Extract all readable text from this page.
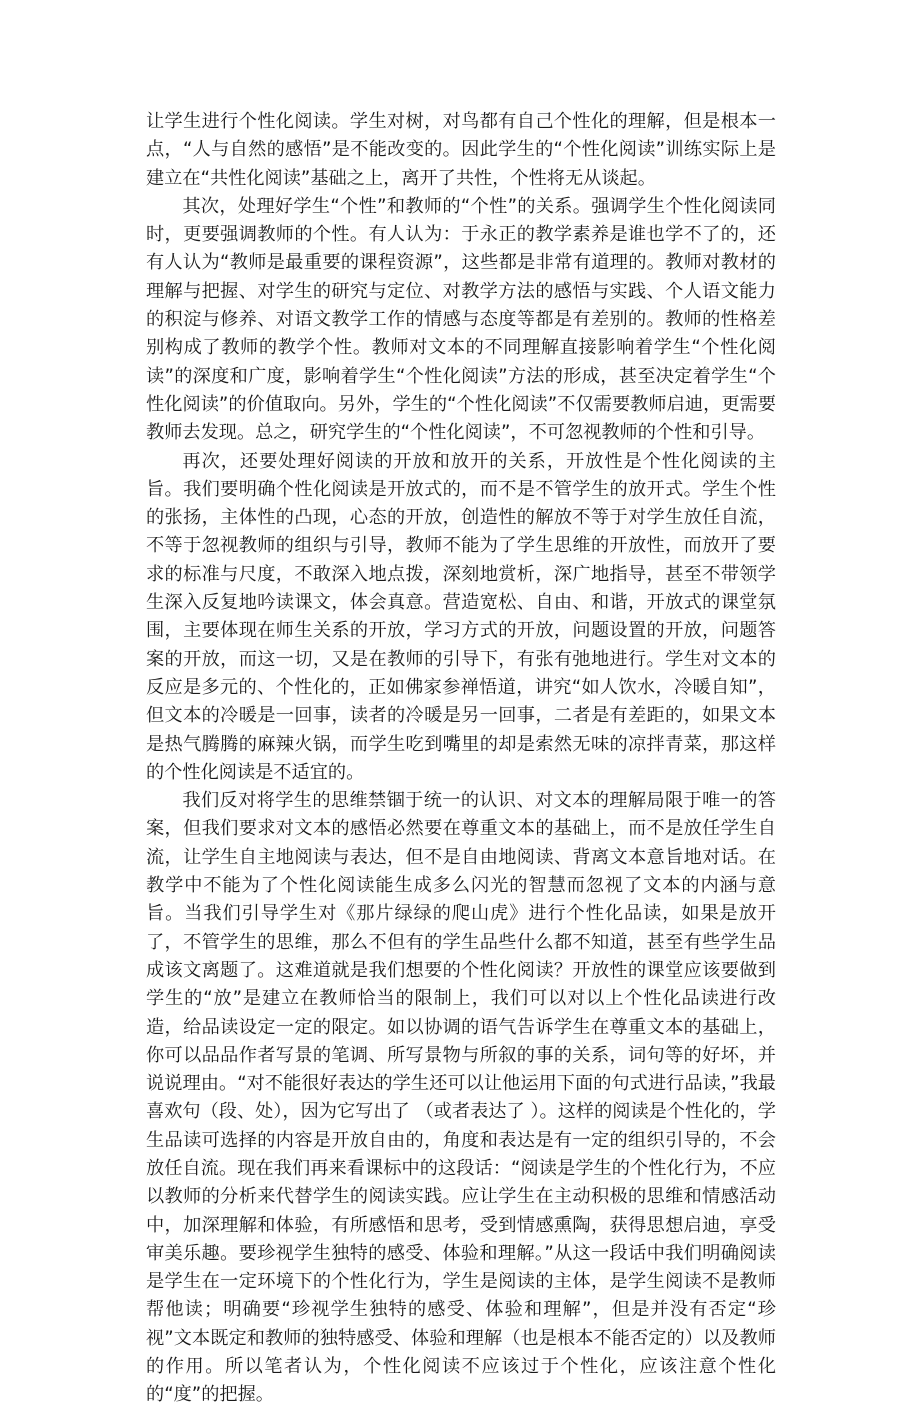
让学生进行个性化阅读。学生对树，对鸟都有自己个性化的理解，但是根本一点，“人与自然的感悟”是不能改变的。因此学生的“个性化阅读”训练实际上是建立在“共性化阅读”基础之上，离开了共性，个性将无从谈起。

其次，处理好学生“个性”和教师的“个性”的关系。强调学生个性化阅读同时，更要强调教师的个性。有人认为：于永正的教学素养是谁也学不了的，还有人认为“教师是最重要的课程资源”，这些都是非常有道理的。教师对教材的理解与把握、对学生的研究与定位、对教学方法的感悟与实践、个人语文能力的积淀与修养、对语文教学工作的情感与态度等都是有差别的。教师的性格差别构成了教师的教学个性。教师对文本的不同理解直接影响着学生“个性化阅读”的深度和广度，影响着学生“个性化阅读”方法的形成，甚至决定着学生“个性化阅读”的价值取向。另外，学生的“个性化阅读”不仅需要教师启迪，更需要教师去发现。总之，研究学生的“个性化阅读”，不可忽视教师的个性和引导。

再次，还要处理好阅读的开放和放开的关系，开放性是个性化阅读的主旨。我们要明确个性化阅读是开放式的，而不是不管学生的放开式。学生个性的张扬，主体性的凸现，心态的开放，创造性的解放不等于对学生放任自流，不等于忽视教师的组织与引导，教师不能为了学生思维的开放性，而放开了要求的标准与尺度，不敢深入地点拨，深刻地赏析，深广地指导，甚至不带领学生深入反复地吟读课文，体会真意。营造宽松、自由、和谐，开放式的课堂氛围，主要体现在师生关系的开放，学习方式的开放，问题设置的开放，问题答案的开放，而这一切，又是在教师的引导下，有张有弛地进行。学生对文本的反应是多元的、个性化的，正如佛家参禅悟道，讲究“如人饮水，冷暖自知”，但文本的冷暖是一回事，读者的冷暖是另一回事，二者是有差距的，如果文本是热气腾腾的麻辣火锅，而学生吃到嘴里的却是索然无味的凉拌青菜，那这样的个性化阅读是不适宜的。

我们反对将学生的思维禁锢于统一的认识、对文本的理解局限于唯一的答案，但我们要求对文本的感悟必然要在尊重文本的基础上，而不是放任学生自流，让学生自主地阅读与表达，但不是自由地阅读、背离文本意旨地对话。在教学中不能为了个性化阅读能生成多么闪光的智慧而忽视了文本的内涵与意旨。当我们引导学生对《那片绿绿的爬山虎》进行个性化品读，如果是放开了，不管学生的思维，那么不但有的学生品些什么都不知道，甚至有些学生品成该文离题了。这难道就是我们想要的个性化阅读？开放性的课堂应该要做到学生的“放”是建立在教师恰当的限制上，我们可以对以上个性化品读进行改造，给品读设定一定的限定。如以协调的语气告诉学生在尊重文本的基础上，你可以品品作者写景的笔调、所写景物与所叙的事的关系，词句等的好坏，并说说理由。“对不能很好表达的学生还可以让他运用下面的句式进行品读，”我最喜欢句（段、处），因为它写出了 （或者表达了 ）。这样的阅读是个性化的，学生品读可选择的内容是开放自由的，角度和表达是有一定的组织引导的，不会放任自流。现在我们再来看课标中的这段话：“阅读是学生的个性化行为，不应以教师的分析来代替学生的阅读实践。应让学生在主动积极的思维和情感活动中，加深理解和体验，有所感悟和思考，受到情感熏陶，获得思想启迪，享受审美乐趣。要珍视学生独特的感受、体验和理解。”从这一段话中我们明确阅读是学生在一定环境下的个性化行为，学生是阅读的主体，是学生阅读不是教师帮他读；明确要“珍视学生独特的感受、体验和理解”，但是并没有否定“珍视”文本既定和教师的独特感受、体验和理解（也是根本不能否定的）以及教师的作用。所以笔者认为，个性化阅读不应该过于个性化，应该注意个性化的“度”的把握。
